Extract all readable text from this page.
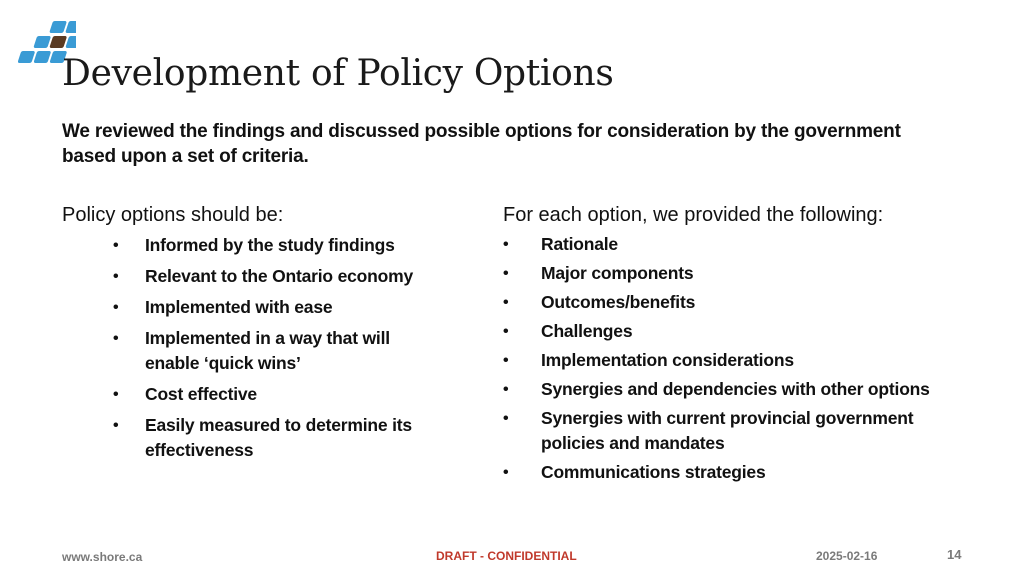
Development of Policy Options

We reviewed the findings and discussed possible options for consideration by the government based upon a set of criteria.

Policy options should be:
• Informed by the study findings
• Relevant to the Ontario economy
• Implemented with ease
• Implemented in a way that will enable ‘quick wins’
• Cost effective
• Easily measured to determine its effectiveness
For each option, we provided the following:
• Rationale
• Major components
• Outcomes/benefits
• Challenges
• Implementation considerations
• Synergies and dependencies with other options
• Synergies with current provincial government policies and mandates
• Communications strategies
www.shore.ca	DRAFT - CONFIDENTIAL	2025-02-16	14
